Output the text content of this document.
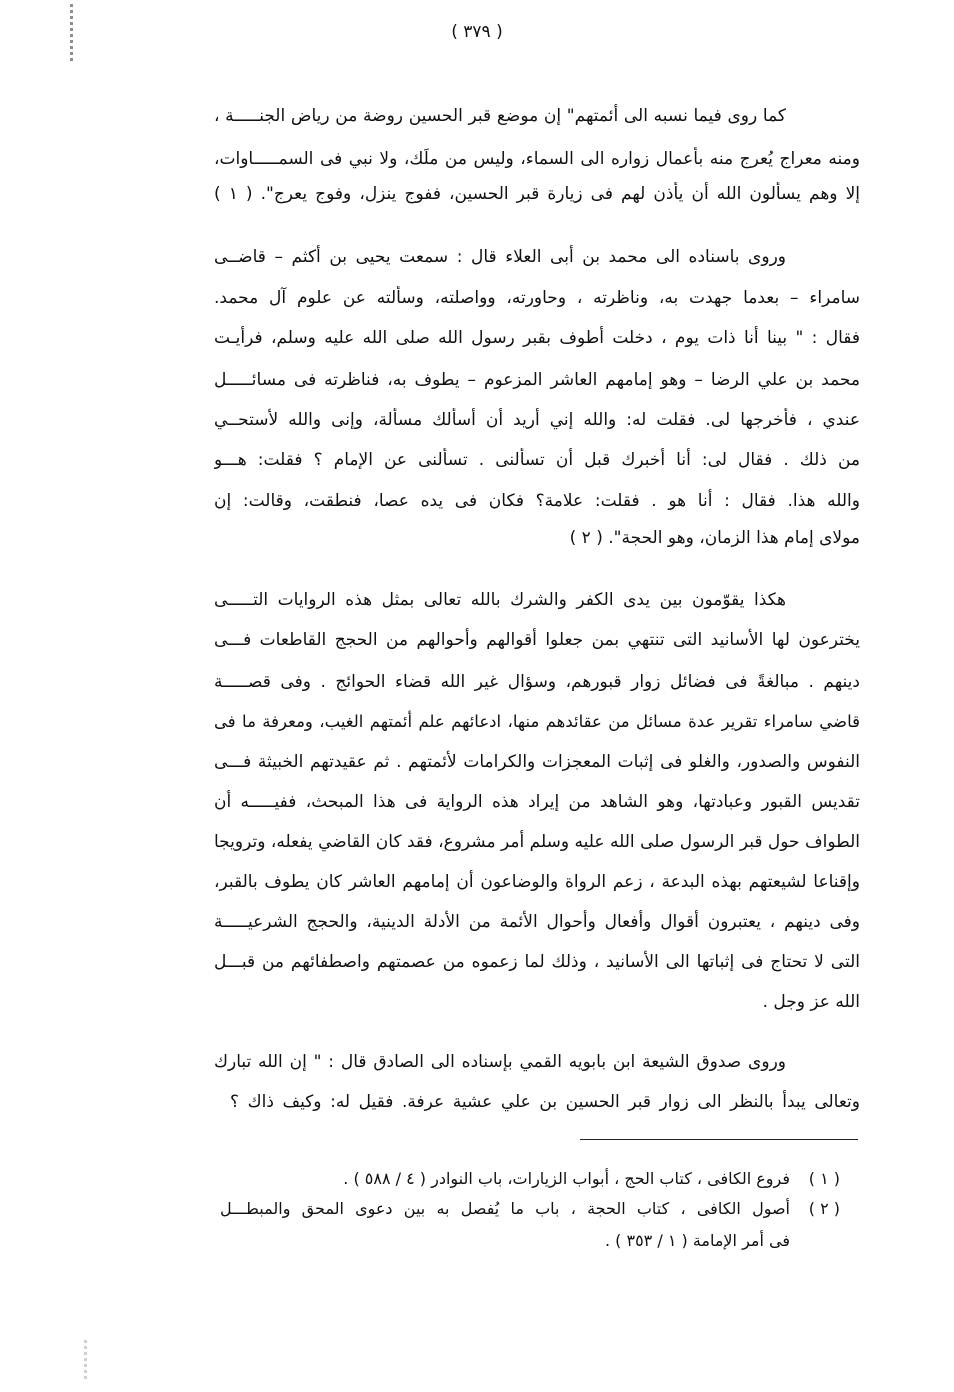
( ٣٧٩ )
كما روى فيما نسبه الى أئمتهم" إن موضع قبر الحسين روضة من رياض الجنـــــة ،
ومنه معراج يُعرج منه بأعمال زواره الى السماء، وليس من ملَك، ولا نبي فى السمـــــاوات،
إلا وهم يسألون الله أن يأذن لهم فى زيارة قبر الحسين، ففوج ينزل، وفوج يعرج". ( ١ )
وروى باسناده الى محمد بن أبى العلاء قال : سمعت يحيى بن أكثم – قاضــى
سامراء – بعدما جهدت به، وناظرته ، وحاورته، وواصلته، وسألته عن علوم آل محمد.
فقال : " بينا أنا ذات يوم ، دخلت أطوف بقبر رسول الله صلى الله عليه وسلم، فرأيـت
محمد بن علي الرضا – وهو إمامهم العاشر المزعوم – يطوف به، فناظرته فى مسائـــــل
عندي ، فأخرجها لى. فقلت له: والله إني أريد أن أسألك مسألة، وإنى والله لأستحــي
من ذلك . فقال لى: أنا أخبرك قبل أن تسألنى . تسألنى عن الإمام ؟ فقلت: هـــو
والله هذا. فقال : أنا هو . فقلت: علامة؟ فكان فى يده عصا، فنطقت، وقالت: إن
مولاى إمام هذا الزمان، وهو الحجة". ( ٢ )
هكذا يقوّمون بين يدى الكفر والشرك بالله تعالى بمثل هذه الروايات التـــــى
يخترعون لها الأسانيد التى تنتهي بمن جعلوا أقوالهم وأحوالهم من الحجج القاطعات فـــى
دينهم . مبالغةً فى فضائل زوار قبورهم، وسؤال غير الله قضاء الحوائج . وفى قصـــــة
قاضي سامراء تقرير عدة مسائل من عقائدهم منها، ادعائهم علم أئمتهم الغيب، ومعرفة ما فى
النفوس والصدور، والغلو فى إثبات المعجزات والكرامات لأئمتهم . ثم عقيدتهم الخبيثة فـــى
تقديس القبور وعبادتها، وهو الشاهد من إيراد هذه الرواية فى هذا المبحث، ففيـــــه أن
الطواف حول قبر الرسول صلى الله عليه وسلم أمر مشروع، فقد كان القاضي يفعله، وترويجا
وإقناعا لشيعتهم بهذه البدعة ، زعم الرواة والوضاعون أن إمامهم العاشر كان يطوف بالقبر،
وفى دينهم ، يعتبرون أقوال وأفعال وأحوال الأئمة من الأدلة الدينية، والحجج الشرعيـــــة
التى لا تحتاج فى إثباتها الى الأسانيد ، وذلك لما زعموه من عصمتهم واصطفائهم من قبـــل
الله عز وجل .
وروى صدوق الشيعة ابن بابويه القمي بإسناده الى الصادق قال : " إن الله تبارك
وتعالى يبدأ بالنظر الى زوار قبر الحسين بن علي عشية عرفة. فقيل له: وكيف ذاك ؟
( ١ )
فروع الكافى ، كتاب الحج ، أبواب الزيارات، باب النوادر ( ٤ / ٥٨٨ ) .
( ٢ )
أصول الكافى ، كتاب الحجة ، باب ما يُفصل به بين دعوى المحق والمبطـــل
فى أمر الإمامة ( ١ / ٣٥٣ ) .
